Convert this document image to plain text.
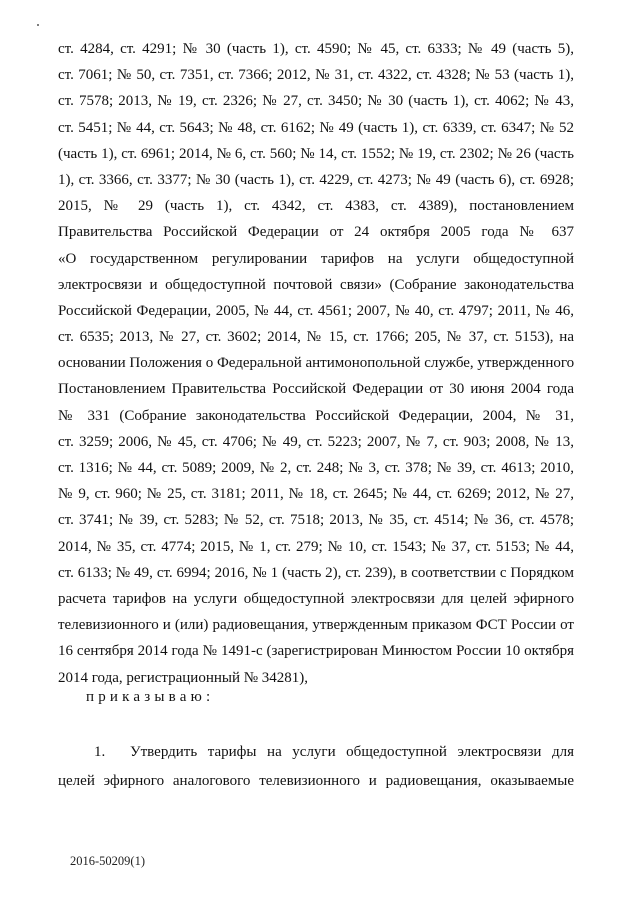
ст. 4284, ст. 4291; № 30 (часть 1), ст. 4590; № 45, ст. 6333; № 49 (часть 5),
ст. 7061; № 50, ст. 7351, ст. 7366; 2012, № 31, ст. 4322, ст. 4328; № 53 (часть 1),
ст. 7578; 2013, № 19, ст. 2326; № 27, ст. 3450; № 30 (часть 1), ст. 4062; № 43,
ст. 5451; № 44, ст. 5643; № 48, ст. 6162; № 49 (часть 1), ст. 6339, ст. 6347; № 52
(часть 1), ст. 6961; 2014, № 6, ст. 560; № 14, ст. 1552; № 19, ст. 2302; № 26 (часть
1), ст. 3366, ст. 3377; № 30 (часть 1), ст. 4229, ст. 4273; № 49 (часть 6), ст. 6928;
2015, № 29 (часть 1), ст. 4342, ст. 4383, ст. 4389), постановлением
Правительства Российской Федерации от 24 октября 2005 года № 637
«О государственном регулировании тарифов на услуги общедоступной
электросвязи и общедоступной почтовой связи» (Собрание законодательства
Российской Федерации, 2005, № 44, ст. 4561; 2007, № 40, ст. 4797; 2011, № 46,
ст. 6535; 2013, № 27, ст. 3602; 2014, № 15, ст. 1766; 205, № 37, ст. 5153), на
основании Положения о Федеральной антимонопольной службе, утвержденного
Постановлением Правительства Российской Федерации от 30 июня 2004 года
№ 331 (Собрание законодательства Российской Федерации, 2004, № 31,
ст. 3259; 2006, № 45, ст. 4706; № 49, ст. 5223; 2007, № 7, ст. 903; 2008, № 13,
ст. 1316; № 44, ст. 5089; 2009, № 2, ст. 248; № 3, ст. 378; № 39, ст. 4613; 2010,
№ 9, ст. 960; № 25, ст. 3181; 2011, № 18, ст. 2645; № 44, ст. 6269; 2012, № 27,
ст. 3741; № 39, ст. 5283; № 52, ст. 7518; 2013, № 35, ст. 4514; № 36, ст. 4578;
2014, № 35, ст. 4774; 2015, № 1, ст. 279; № 10, ст. 1543; № 37, ст. 5153; № 44,
ст. 6133; № 49, ст. 6994; 2016, № 1 (часть 2), ст. 239), в соответствии с Порядком
расчета тарифов на услуги общедоступной электросвязи для целей эфирного
телевизионного и (или) радиовещания, утвержденным приказом ФСТ России от
16 сентября 2014 года № 1491-с (зарегистрирован Минюстом России 10 октября
2014 года, регистрационный № 34281),
приказываю:
1. Утвердить тарифы на услуги общедоступной электросвязи для
целей эфирного аналогового телевизионного и радиовещания, оказываемые
2016-50209(1)
